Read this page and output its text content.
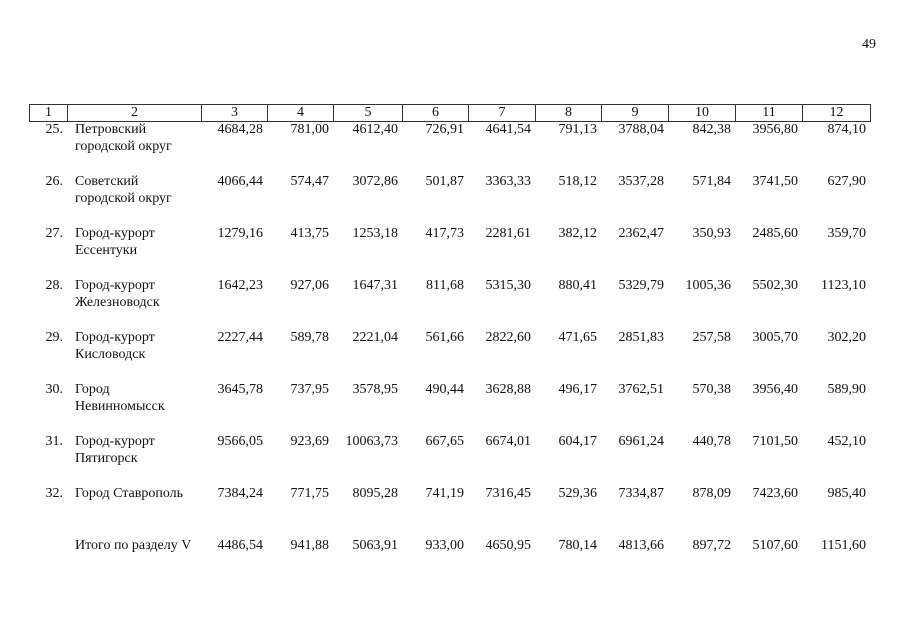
49
1	2	3	4	5	6	7	8	9	10	11	12
25.	Петровский городской округ	4684,28	781,00	4612,40	726,91	4641,54	791,13	3788,04	842,38	3956,80	874,10
26.	Советский городской округ	4066,44	574,47	3072,86	501,87	3363,33	518,12	3537,28	571,84	3741,50	627,90
27.	Город-курорт Ессентуки	1279,16	413,75	1253,18	417,73	2281,61	382,12	2362,47	350,93	2485,60	359,70
28.	Город-курорт Железноводск	1642,23	927,06	1647,31	811,68	5315,30	880,41	5329,79	1005,36	5502,30	1123,10
29.	Город-курорт Кисловодск	2227,44	589,78	2221,04	561,66	2822,60	471,65	2851,83	257,58	3005,70	302,20
30.	Город Невинномысск	3645,78	737,95	3578,95	490,44	3628,88	496,17	3762,51	570,38	3956,40	589,90
31.	Город-курорт Пятигорск	9566,05	923,69	10063,73	667,65	6674,01	604,17	6961,24	440,78	7101,50	452,10
32.	Город Ставрополь	7384,24	771,75	8095,28	741,19	7316,45	529,36	7334,87	878,09	7423,60	985,40
	Итого по разделу V	4486,54	941,88	5063,91	933,00	4650,95	780,14	4813,66	897,72	5107,60	1151,60
